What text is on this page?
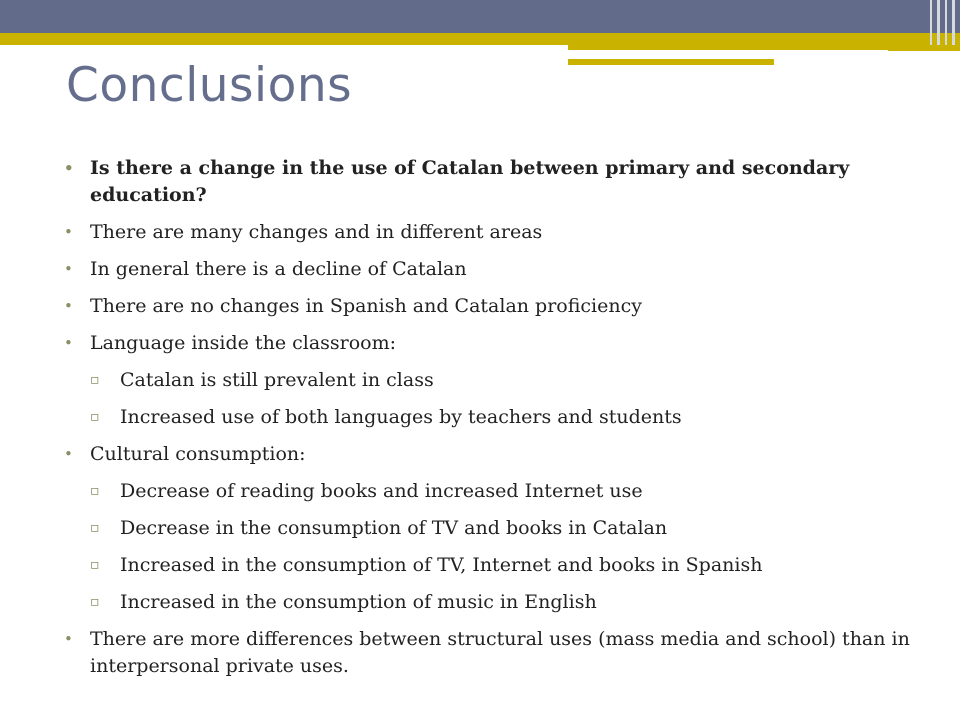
Conclusions
• Is there a change in the use of Catalan between primary and secondary education?
• There are many changes and in different areas
• In general there is a decline of Catalan
• There are no changes in Spanish and Catalan proficiency
• Language inside the classroom:
▫ Catalan is still prevalent in class
▫ Increased use of both languages by teachers and students
• Cultural consumption:
▫ Decrease of reading books and increased Internet use
▫ Decrease in the consumption of TV and books in Catalan
▫ Increased in the consumption of TV, Internet and books in Spanish
▫ Increased in the consumption of music in English
• There are more differences between structural uses (mass media and school) than in interpersonal private uses.
